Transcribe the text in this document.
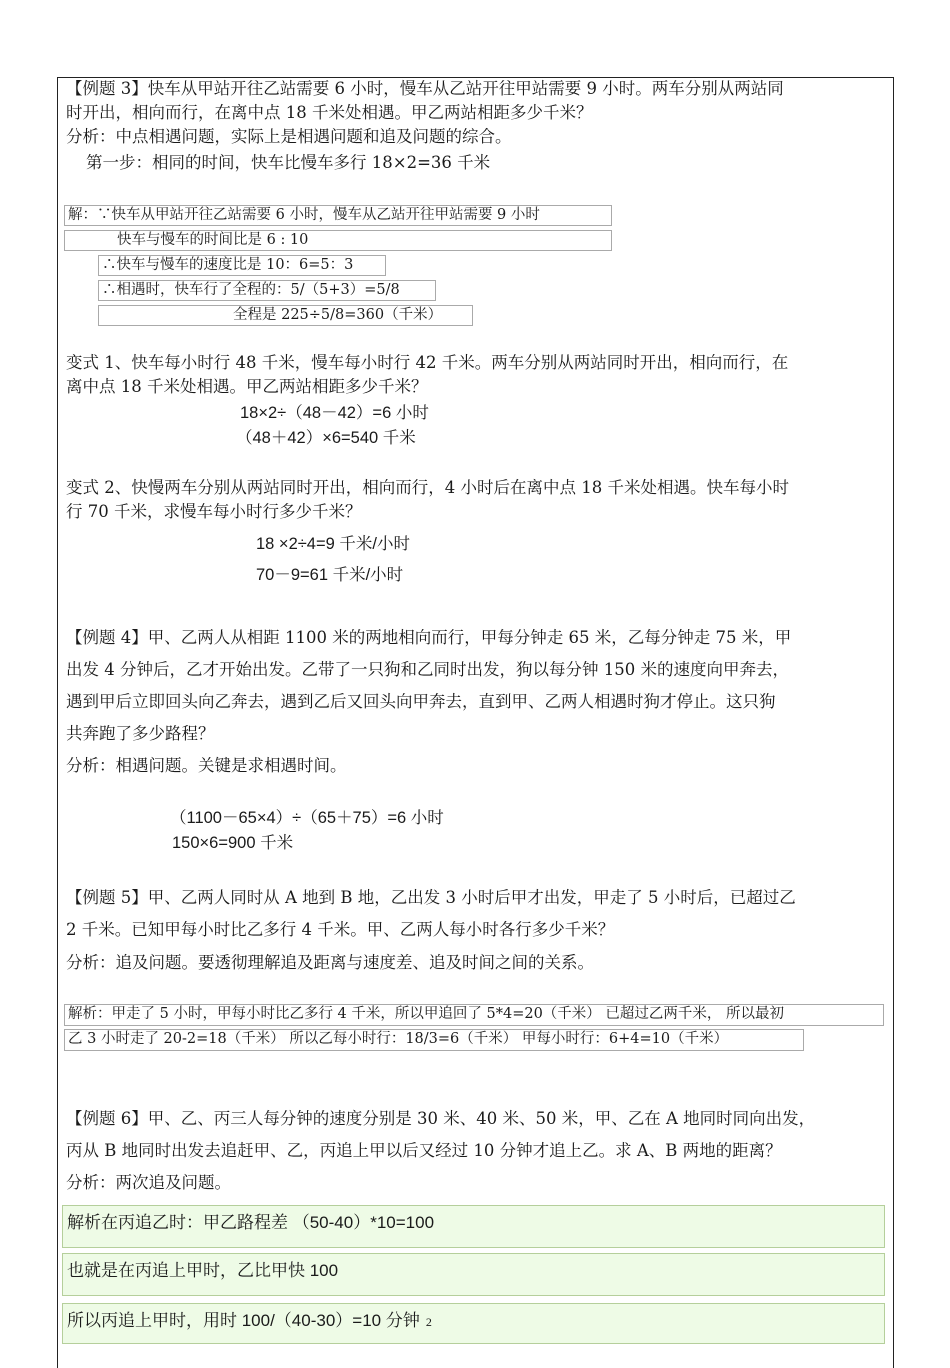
【例题 3】快车从甲站开往乙站需要 6 小时，慢车从乙站开往甲站需要 9 小时。两车分别从两站同
时开出，相向而行，在离中点 18 千米处相遇。甲乙两站相距多少千米？
分析：中点相遇问题，实际上是相遇问题和追及问题的综合。
第一步：相同的时间，快车比慢车多行 18×2=36 千米
解：∵快车从甲站开往乙站需要 6 小时，慢车从乙站开往甲站需要 9 小时
快车与慢车的时间比是 6 : 10
∴快车与慢车的速度比是 10：6=5：3
∴相遇时，快车行了全程的：5/（5+3）=5/8
全程是 225÷5/8=360（千米）
变式 1、快车每小时行 48 千米，慢车每小时行 42 千米。两车分别从两站同时开出，相向而行，在
离中点 18 千米处相遇。甲乙两站相距多少千米？
18×2÷（48－42）=6 小时
（48＋42）×6=540 千米
变式 2、快慢两车分别从两站同时开出，相向而行，4 小时后在离中点 18 千米处相遇。快车每小时
行 70 千米，求慢车每小时行多少千米？
18 ×2÷4=9 千米/小时
70－9=61 千米/小时
【例题 4】甲、乙两人从相距 1100 米的两地相向而行，甲每分钟走 65 米，乙每分钟走 75 米，甲
出发 4 分钟后，乙才开始出发。乙带了一只狗和乙同时出发，狗以每分钟 150 米的速度向甲奔去，
遇到甲后立即回头向乙奔去，遇到乙后又回头向甲奔去，直到甲、乙两人相遇时狗才停止。这只狗
共奔跑了多少路程？
分析：相遇问题。关键是求相遇时间。
（1100－65×4）÷（65＋75）=6 小时
150×6=900 千米
【例题 5】甲、乙两人同时从 A 地到 B 地，乙出发 3 小时后甲才出发，甲走了 5 小时后，已超过乙
2 千米。已知甲每小时比乙多行 4 千米。甲、乙两人每小时各行多少千米？
分析：追及问题。要透彻理解追及距离与速度差、追及时间之间的关系。
解析：甲走了 5 小时，甲每小时比乙多行 4 千米，所以甲追回了 5*4=20（千米） 已超过乙两千米， 所以最初
乙 3 小时走了 20-2=18（千米） 所以乙每小时行：18/3=6（千米） 甲每小时行：6+4=10（千米）
【例题 6】甲、乙、丙三人每分钟的速度分别是 30 米、40 米、50 米，甲、乙在 A 地同时同向出发，
丙从 B 地同时出发去追赶甲、乙，丙追上甲以后又经过 10 分钟才追上乙。求 A、B 两地的距离？
分析：两次追及问题。
解析在丙追乙时：甲乙路程差 （50-40）*10=100
也就是在丙追上甲时，乙比甲快 100
所以丙追上甲时，用时 100/（40-30）=10 分钟 2
